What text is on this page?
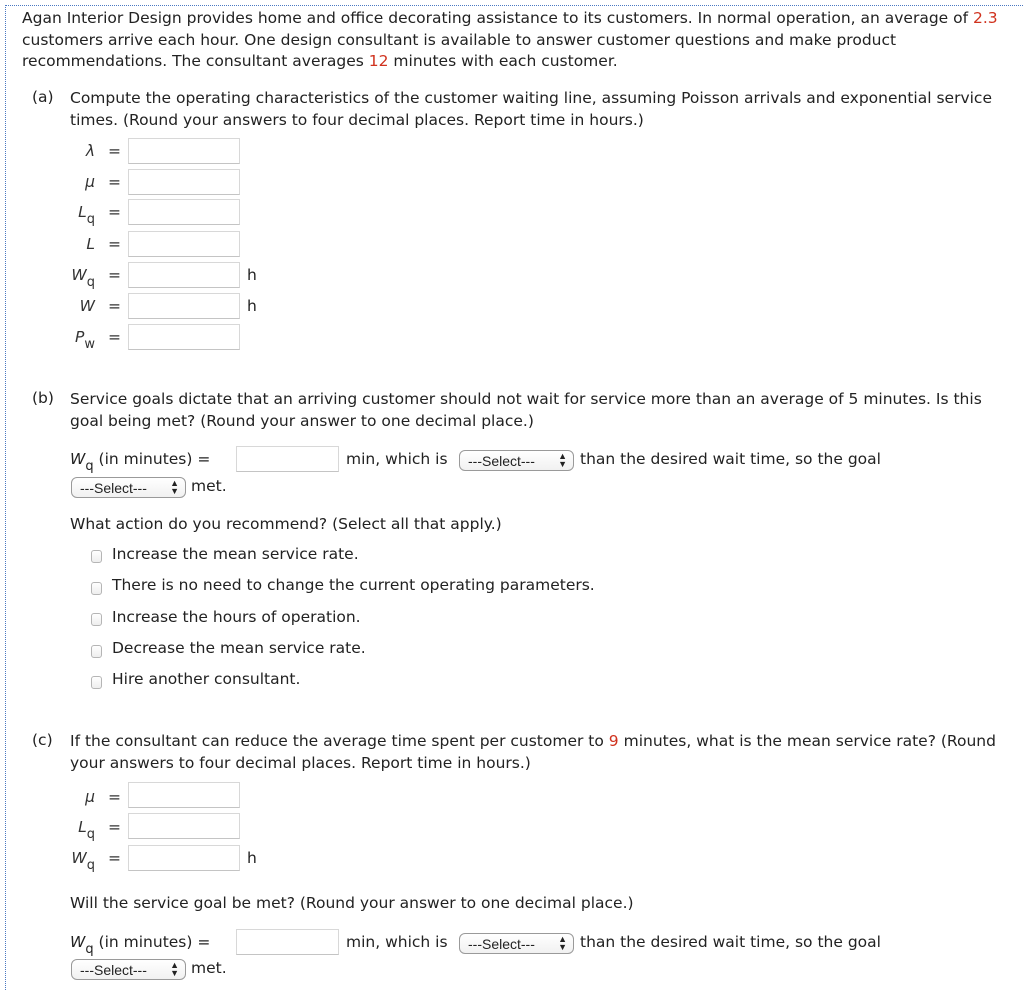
Agan Interior Design provides home and office decorating assistance to its customers. In normal operation, an average of 2.3 customers arrive each hour. One design consultant is available to answer customer questions and make product recommendations. The consultant averages 12 minutes with each customer.
(a) Compute the operating characteristics of the customer waiting line, assuming Poisson arrivals and exponential service times. (Round your answers to four decimal places. Report time in hours.)
λ =
μ =
$L_q$ =
L =
$W_q$ =	h
W =	h
$P_w$ =
(b) Service goals dictate that an arriving customer should not wait for service more than an average of 5 minutes. Is this goal being met? (Round your answer to one decimal place.)
$W_q$ (in minutes) =	min, which is	---Select---	▲
▼ than the desired wait time, so the goal
---Select---	▲
▼ met.
What action do you recommend? (Select all that apply.)
Increase the mean service rate.
There is no need to change the current operating parameters.
Increase the hours of operation.
Decrease the mean service rate.
Hire another consultant.
(c) If the consultant can reduce the average time spent per customer to 9 minutes, what is the mean service rate? (Round your answers to four decimal places. Report time in hours.)
μ =
$L_q$ =
$W_q$ =	h
Will the service goal be met? (Round your answer to one decimal place.)
$W_q$ (in minutes) =	min, which is	---Select---	▲
▼ than the desired wait time, so the goal
---Select---	▲
▼ met.
